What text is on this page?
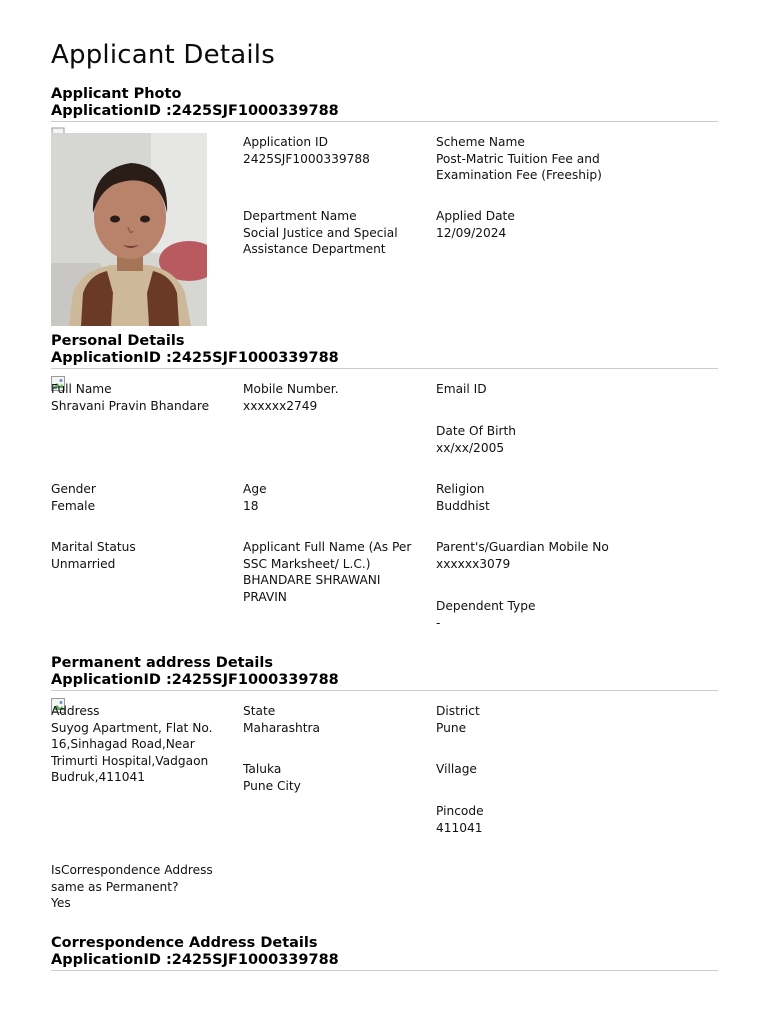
Applicant Details
Applicant Photo
ApplicationID :2425SJF1000339788
Application ID
2425SJF1000339788
Scheme Name
Post-Matric Tuition Fee and
Examination Fee (Freeship)
Department Name
Social Justice and Special
Assistance Department
Applied Date
12/09/2024
Personal Details
ApplicationID :2425SJF1000339788
Full Name
Shravani Pravin Bhandare
Mobile Number.
xxxxxx2749
Email ID
Date Of Birth
xx/xx/2005
Gender
Female
Age
18
Religion
Buddhist
Marital Status
Unmarried
Applicant Full Name (As Per
SSC Marksheet/ L.C.)
BHANDARE SHRAWANI
PRAVIN
Parent's/Guardian Mobile No
xxxxxx3079
Dependent Type
-
Permanent address Details
ApplicationID :2425SJF1000339788
Address
Suyog Apartment, Flat No.
16,Sinhagad Road,Near
Trimurti Hospital,Vadgaon
Budruk,411041
State
Maharashtra
District
Pune
Taluka
Pune City
Village
Pincode
411041
IsCorrespondence Address
same as Permanent?
Yes
Correspondence Address Details
ApplicationID :2425SJF1000339788
